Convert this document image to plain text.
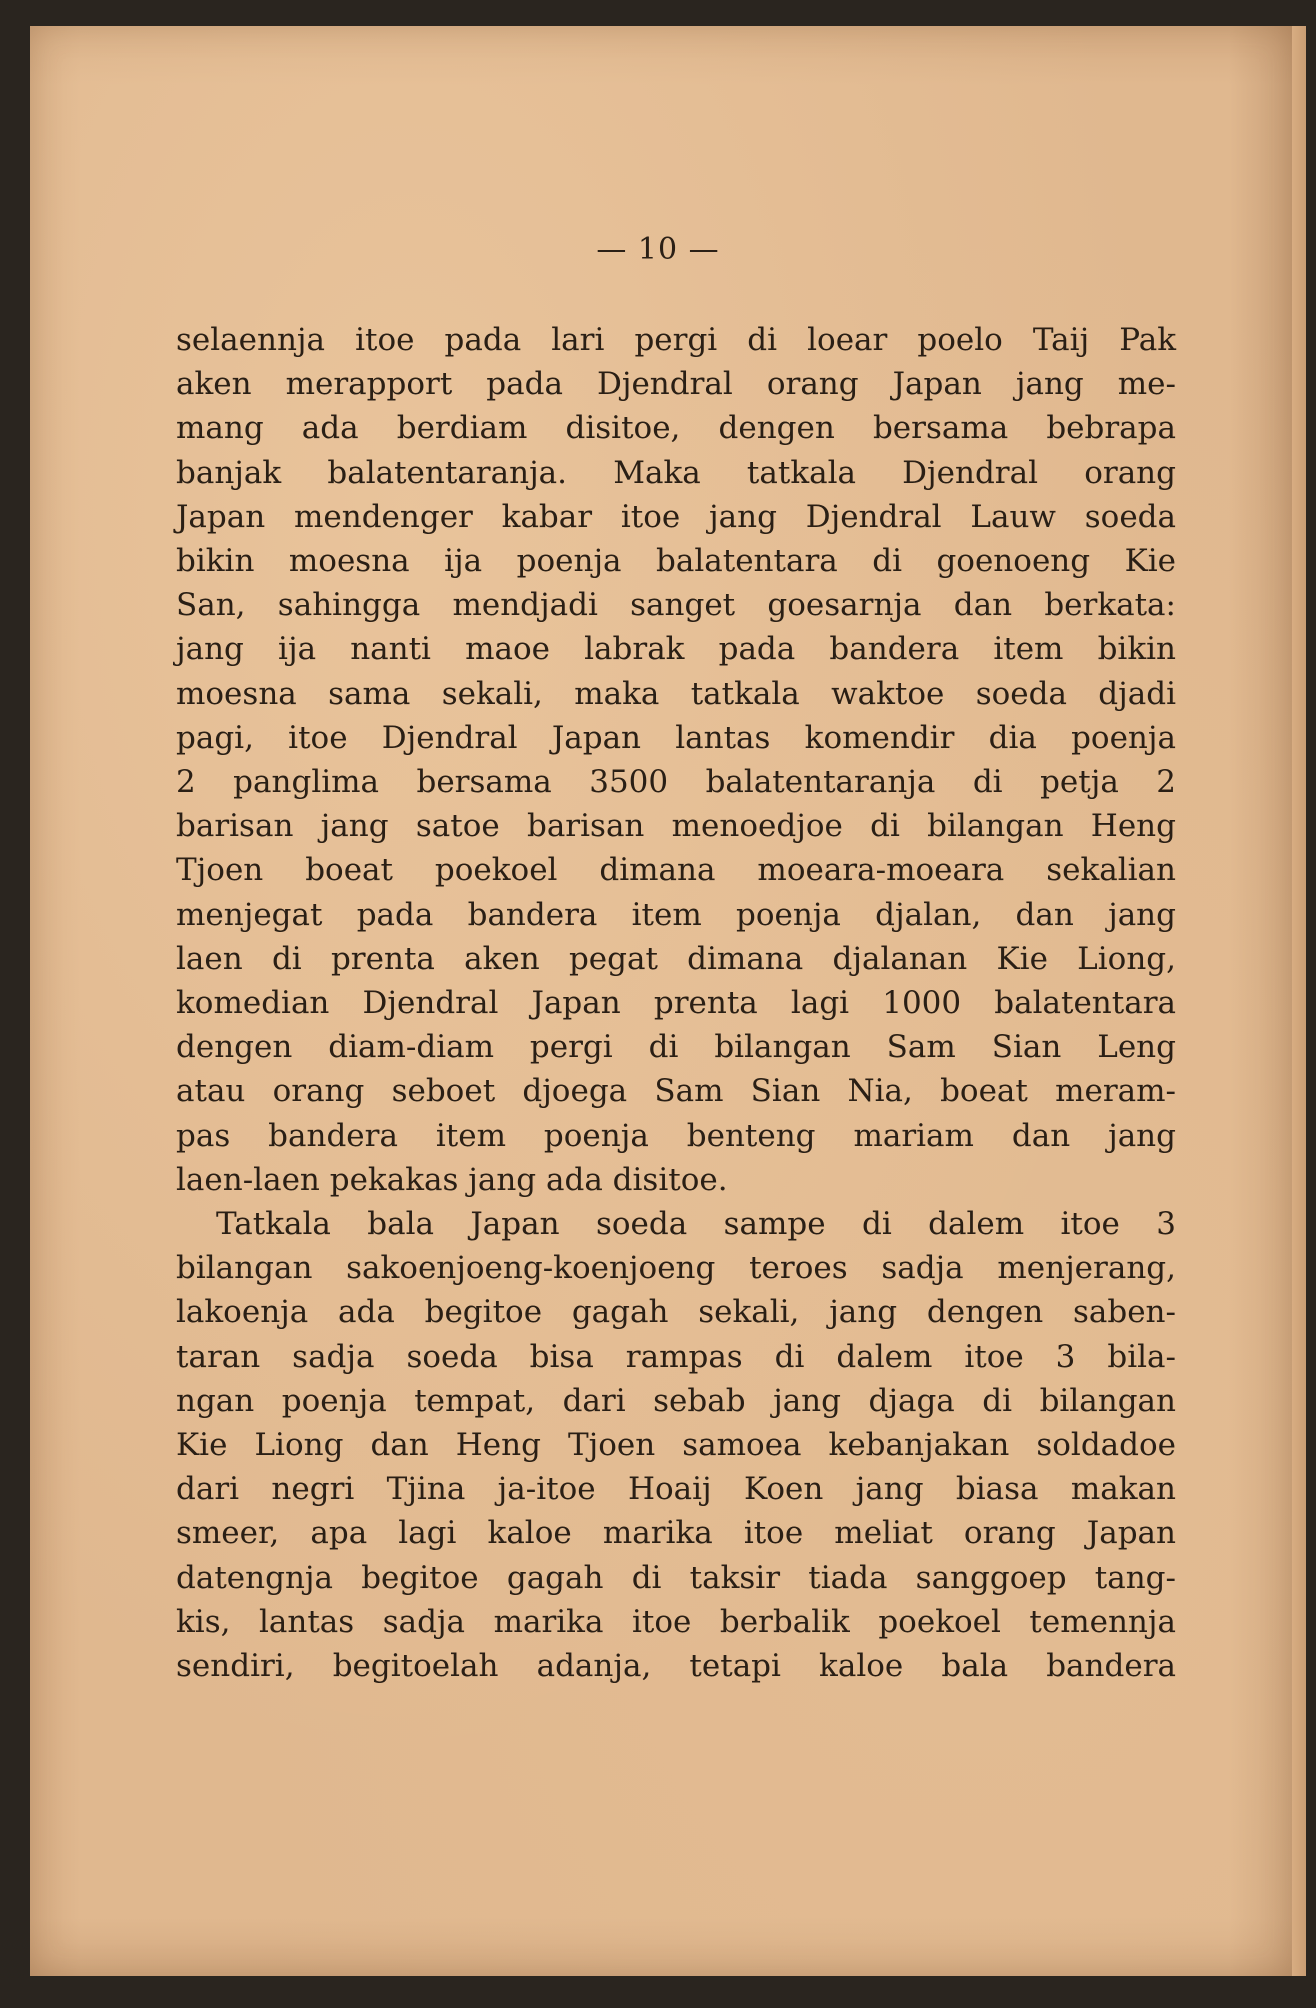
— 10 —

selaennja itoe pada lari pergi di loear poelo Taij Pak
aken merapport pada Djendral orang Japan jang me-
mang ada berdiam disitoe, dengen bersama bebrapa
banjak balatentaranja. Maka tatkala Djendral orang
Japan mendenger kabar itoe jang Djendral Lauw soeda
bikin moesna ija poenja balatentara di goenoeng Kie
San, sahingga mendjadi sanget goesarnja dan berkata:
jang ija nanti maoe labrak pada bandera item bikin
moesna sama sekali, maka tatkala waktoe soeda djadi
pagi, itoe Djendral Japan lantas komendir dia poenja
2 panglima bersama 3500 balatentaranja di petja 2
barisan jang satoe barisan menoedjoe di bilangan Heng
Tjoen boeat poekoel dimana moeara-moeara sekalian
menjegat pada bandera item poenja djalan, dan jang
laen di prenta aken pegat dimana djalanan Kie Liong,
komedian Djendral Japan prenta lagi 1000 balatentara
dengen diam-diam pergi di bilangan Sam Sian Leng
atau orang seboet djoega Sam Sian Nia, boeat meram-
pas bandera item poenja benteng mariam dan jang
laen-laen pekakas jang ada disitoe.

Tatkala bala Japan soeda sampe di dalem itoe 3
bilangan sakoenjoeng-koenjoeng teroes sadja menjerang,
lakoenja ada begitoe gagah sekali, jang dengen saben-
taran sadja soeda bisa rampas di dalem itoe 3 bila-
ngan poenja tempat, dari sebab jang djaga di bilangan
Kie Liong dan Heng Tjoen samoea kebanjakan soldadoe
dari negri Tjina ja-itoe Hoaij Koen jang biasa makan
smeer, apa lagi kaloe marika itoe meliat orang Japan
datengnja begitoe gagah di taksir tiada sanggoep tang-
kis, lantas sadja marika itoe berbalik poekoel temennja
sendiri, begitoelah adanja, tetapi kaloe bala bandera
